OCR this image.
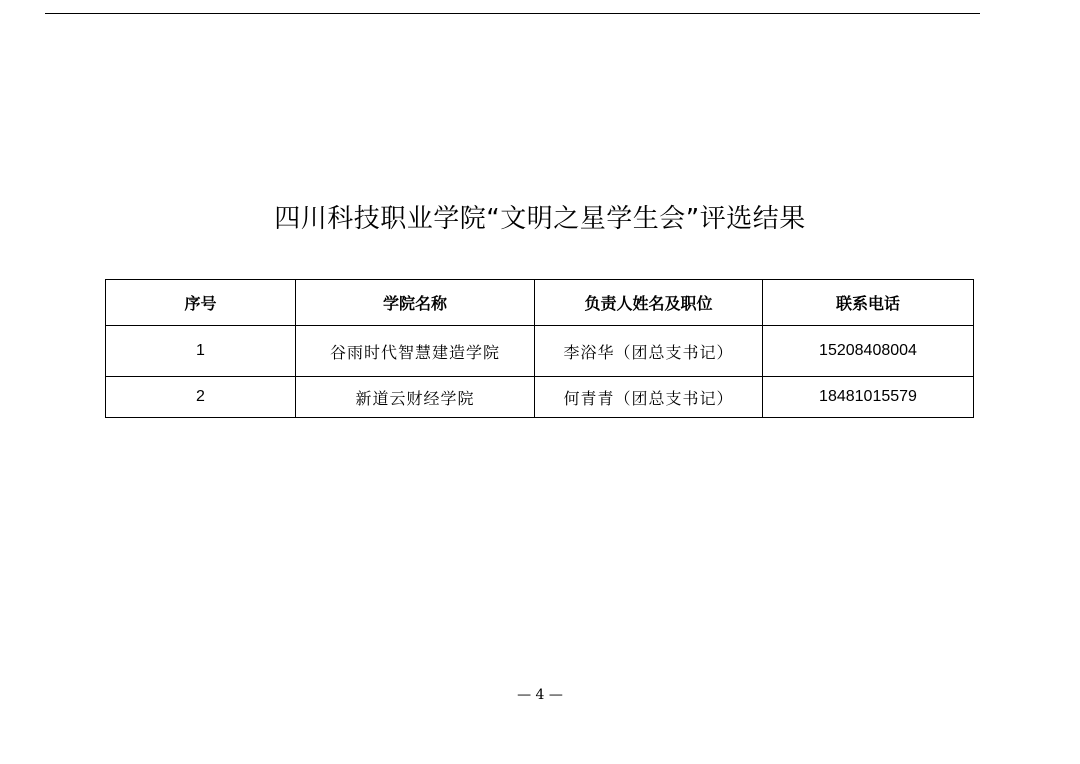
四川科技职业学院“文明之星学生会”评选结果
序号	学院名称	负责人姓名及职位	联系电话
1	谷雨时代智慧建造学院	李浴华（团总支书记）	15208408004
2	新道云财经学院	何青青（团总支书记）	18481015579
— 4 —
